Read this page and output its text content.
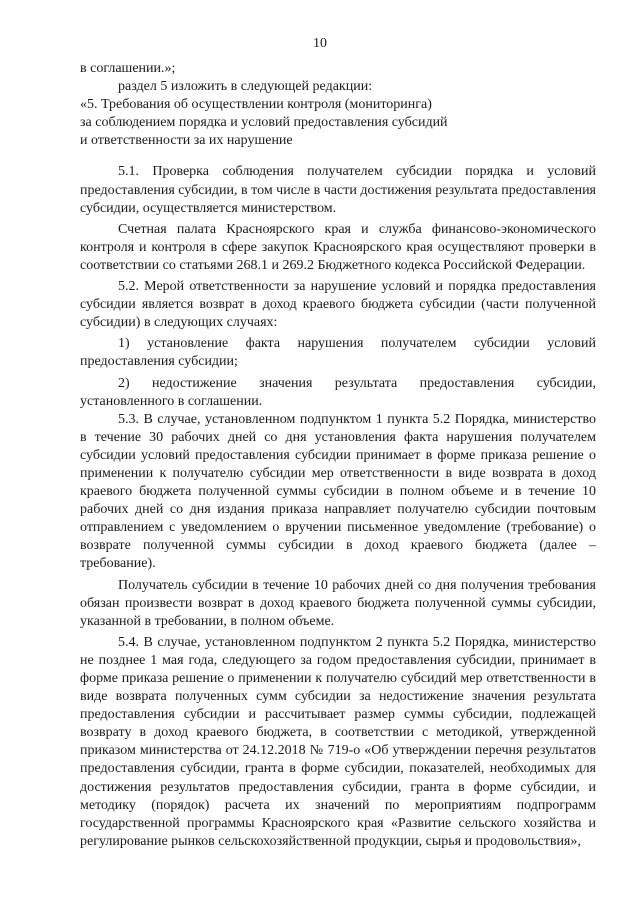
10

в соглашении.»;

раздел 5 изложить в следующей редакции:

«5. Требования об осуществлении контроля (мониторинга)

за соблюдением порядка и условий предоставления субсидий

и ответственности за их нарушение

5.1. Проверка соблюдения получателем субсидии порядка и условий предоставления субсидии, в том числе в части достижения результата предоставления субсидии, осуществляется министерством.

Счетная палата Красноярского края и служба финансово-экономического контроля и контроля в сфере закупок Красноярского края осуществляют проверки в соответствии со статьями 268.1 и 269.2 Бюджетного кодекса Российской Федерации.

5.2. Мерой ответственности за нарушение условий и порядка предоставления субсидии является возврат в доход краевого бюджета субсидии (части полученной субсидии) в следующих случаях:

1) установление факта нарушения получателем субсидии условий предоставления субсидии;

2) недостижение значения результата предоставления субсидии, установленного в соглашении.

5.3. В случае, установленном подпунктом 1 пункта 5.2 Порядка, министерство в течение 30 рабочих дней со дня установления факта нарушения получателем субсидии условий предоставления субсидии принимает в форме приказа решение о применении к получателю субсидии мер ответственности в виде возврата в доход краевого бюджета полученной суммы субсидии в полном объеме и в течение 10 рабочих дней со дня издания приказа направляет получателю субсидии почтовым отправлением с уведомлением о вручении письменное уведомление (требование) о возврате полученной суммы субсидии в доход краевого бюджета (далее – требование).

Получатель субсидии в течение 10 рабочих дней со дня получения требования обязан произвести возврат в доход краевого бюджета полученной суммы субсидии, указанной в требовании, в полном объеме.

5.4. В случае, установленном подпунктом 2 пункта 5.2 Порядка, министерство не позднее 1 мая года, следующего за годом предоставления субсидии, принимает в форме приказа решение о применении к получателю субсидий мер ответственности в виде возврата полученных сумм субсидии за недостижение значения результата предоставления субсидии и рассчитывает размер суммы субсидии, подлежащей возврату в доход краевого бюджета, в соответствии с методикой, утвержденной приказом министерства от 24.12.2018 № 719-о «Об утверждении перечня результатов предоставления субсидии, гранта в форме субсидии, показателей, необходимых для достижения результатов предоставления субсидии, гранта в форме субсидии, и методику (порядок) расчета их значений по мероприятиям подпрограмм государственной программы Красноярского края «Развитие сельского хозяйства и регулирование рынков сельскохозяйственной продукции, сырья и продовольствия»,
